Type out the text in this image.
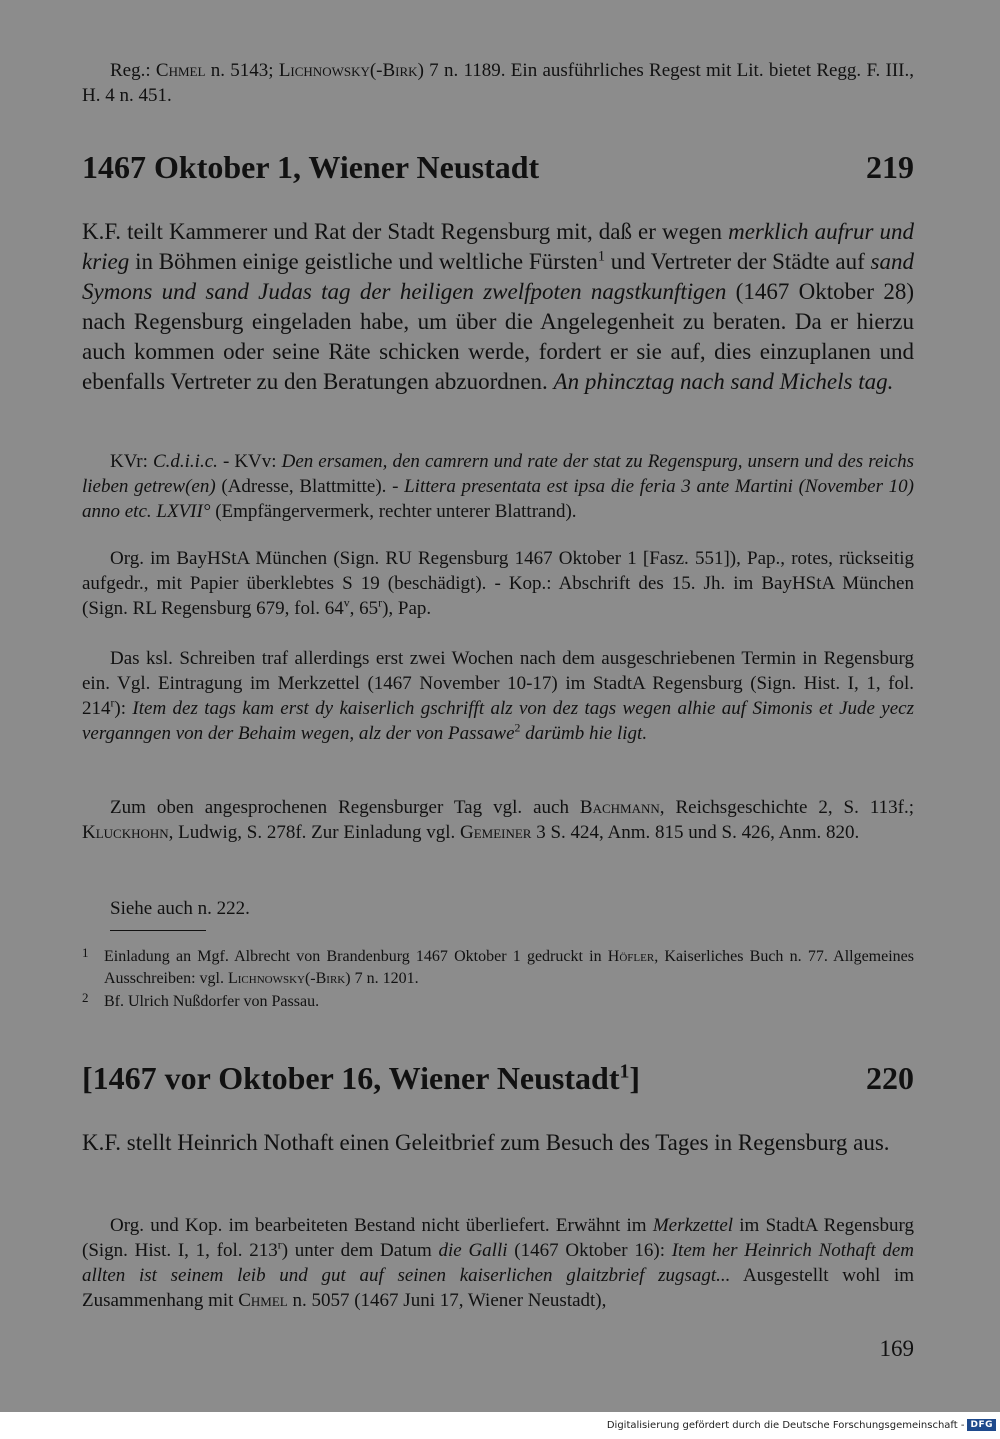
Reg.: Chmel n. 5143; Lichnowsky(-Birk) 7 n. 1189. Ein ausführliches Regest mit Lit. bietet Regg. F. III., H. 4 n. 451.
1467 Oktober 1, Wiener Neustadt	219
K.F. teilt Kammerer und Rat der Stadt Regensburg mit, daß er wegen merklich aufrur und krieg in Böhmen einige geistliche und weltliche Fürsten$^1$ und Vertreter der Städte auf sand Symons und sand Judas tag der heiligen zwelfpoten nagstkunftigen (1467 Oktober 28) nach Regensburg eingeladen habe, um über die Angelegenheit zu beraten. Da er hierzu auch kommen oder seine Räte schicken werde, fordert er sie auf, dies einzuplanen und ebenfalls Vertreter zu den Beratungen abzuordnen. An phincztag nach sand Michels tag.
KVr: C.d.i.i.c. - KVv: Den ersamen, den camrern und rate der stat zu Regenspurg, unsern und des reichs lieben getrew(en) (Adresse, Blattmitte). - Littera presentata est ipsa die feria 3 ante Martini (November 10) anno etc. LXVII° (Empfängervermerk, rechter unterer Blattrand).
Org. im BayHStA München (Sign. RU Regensburg 1467 Oktober 1 [Fasz. 551]), Pap., rotes, rückseitig aufgedr., mit Papier überklebtes S 19 (beschädigt). - Kop.: Abschrift des 15. Jh. im BayHStA München (Sign. RL Regensburg 679, fol. 64$^v$, 65$^r$), Pap.
Das ksl. Schreiben traf allerdings erst zwei Wochen nach dem ausgeschriebenen Termin in Regensburg ein. Vgl. Eintragung im Merkzettel (1467 November 10-17) im StadtA Regensburg (Sign. Hist. I, 1, fol. 214$^r$): Item dez tags kam erst dy kaiserlich gschrifft alz von dez tags wegen alhie auf Simonis et Jude yecz verganngen von der Behaim wegen, alz der von Passawe$^2$ darümb hie ligt.
Zum oben angesprochenen Regensburger Tag vgl. auch Bachmann, Reichsgeschichte 2, S. 113f.; Kluckhohn, Ludwig, S. 278f. Zur Einladung vgl. Gemeiner 3 S. 424, Anm. 815 und S. 426, Anm. 820.
Siehe auch n. 222.
1 Einladung an Mgf. Albrecht von Brandenburg 1467 Oktober 1 gedruckt in Höfler, Kaiserliches Buch n. 77. Allgemeines Ausschreiben: vgl. Lichnowsky(-Birk) 7 n. 1201.
2 Bf. Ulrich Nußdorfer von Passau.
[1467 vor Oktober 16, Wiener Neustadt$^1$]	220
K.F. stellt Heinrich Nothaft einen Geleitbrief zum Besuch des Tages in Regensburg aus.
Org. und Kop. im bearbeiteten Bestand nicht überliefert. Erwähnt im Merkzettel im StadtA Regensburg (Sign. Hist. I, 1, fol. 213$^r$) unter dem Datum die Galli (1467 Oktober 16): Item her Heinrich Nothaft dem allten ist seinem leib und gut auf seinen kaiserlichen glaitzbrief zugsagt... Ausgestellt wohl im Zusammenhang mit Chmel n. 5057 (1467 Juni 17, Wiener Neustadt),
169
Digitalisierung gefördert durch die Deutsche Forschungsgemeinschaft - DFG
